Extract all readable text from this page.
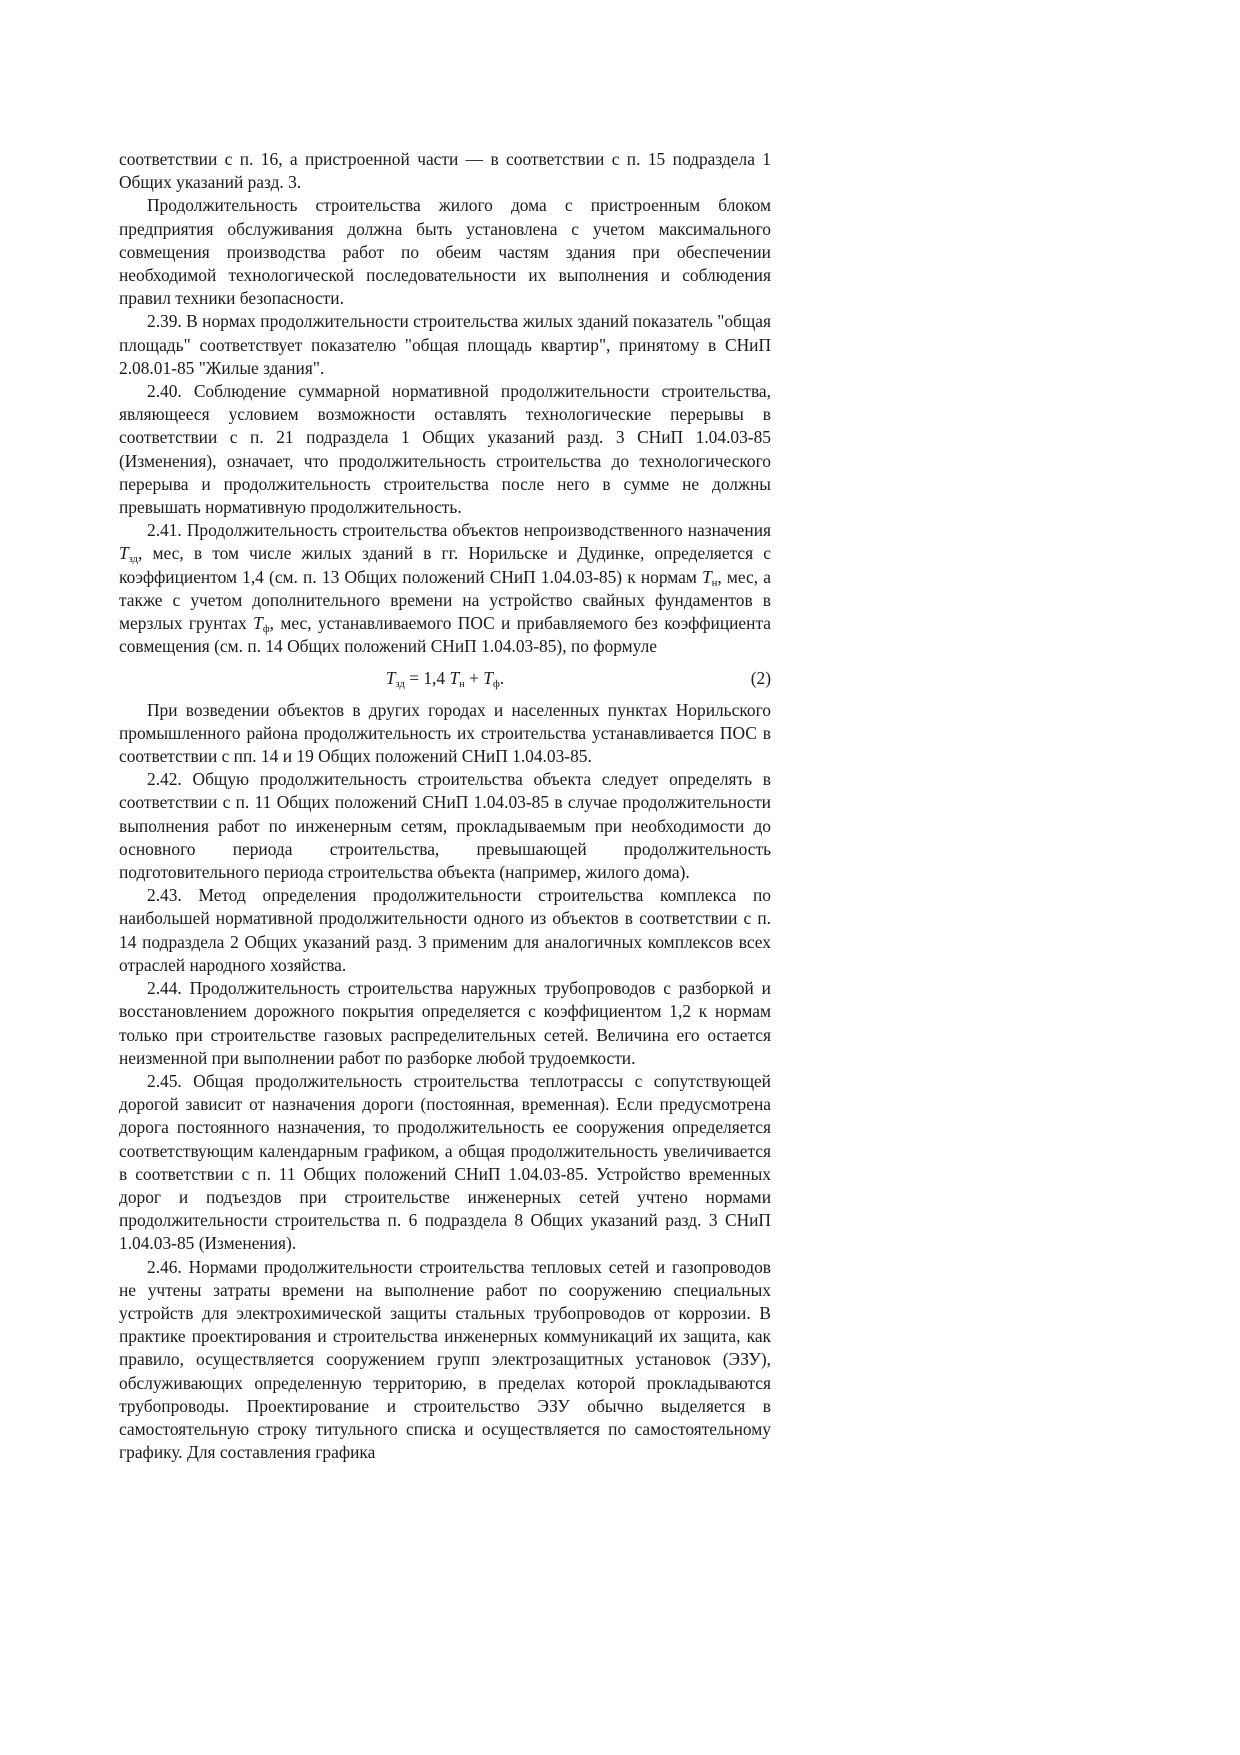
соответствии с п. 16, а пристроенной части — в соответствии с п. 15 подраздела 1 Общих указаний разд. 3.

Продолжительность строительства жилого дома с пристроенным блоком предприятия обслуживания должна быть установлена с учетом максимального совмещения производства работ по обеим частям здания при обеспечении необходимой технологической последовательности их выполнения и соблюдения правил техники безопасности.

2.39. В нормах продолжительности строительства жилых зданий показатель "общая площадь" соответствует показателю "общая площадь квартир", принятому в СНиП 2.08.01-85 "Жилые здания".

2.40. Соблюдение суммарной нормативной продолжительности строительства, являющееся условием возможности оставлять технологические перерывы в соответствии с п. 21 подраздела 1 Общих указаний разд. 3 СНиП 1.04.03-85 (Изменения), означает, что продолжительность строительства до технологического перерыва и продолжительность строительства после него в сумме не должны превышать нормативную продолжительность.

2.41. Продолжительность строительства объектов непроизводственного назначения $T_{зд}$, мес, в том числе жилых зданий в гг. Норильске и Дудинке, определяется с коэффициентом 1,4 (см. п. 13 Общих положений СНиП 1.04.03-85) к нормам $T_н$, мес, а также с учетом дополнительного времени на устройство свайных фундаментов в мерзлых грунтах $T_ф$, мес, устанавливаемого ПОС и прибавляемого без коэффициента совмещения (см. п. 14 Общих положений СНиП 1.04.03-85), по формуле

$T_{зд} = 1,4$ $T_н + T_ф$.	(2)

При возведении объектов в других городах и населенных пунктах Норильского промышленного района продолжительность их строительства устанавливается ПОС в соответствии с пп. 14 и 19 Общих положений СНиП 1.04.03-85.

2.42. Общую продолжительность строительства объекта следует определять в соответствии с п. 11 Общих положений СНиП 1.04.03-85 в случае продолжительности выполнения работ по инженерным сетям, прокладываемым при необходимости до основного периода строительства, превышающей продолжительность подготовительного периода строительства объекта (например, жилого дома).

2.43. Метод определения продолжительности строительства комплекса по наибольшей нормативной продолжительности одного из объектов в соответствии с п. 14 подраздела 2 Общих указаний разд. 3 применим для аналогичных комплексов всех отраслей народного хозяйства.

2.44. Продолжительность строительства наружных трубопроводов с разборкой и восстановлением дорожного покрытия определяется с коэффициентом 1,2 к нормам только при строительстве газовых распределительных сетей. Величина его остается неизменной при выполнении работ по разборке любой трудоемкости.

2.45. Общая продолжительность строительства теплотрассы с сопутствующей дорогой зависит от назначения дороги (постоянная, временная). Если предусмотрена дорога постоянного назначения, то продолжительность ее сооружения определяется соответствующим календарным графиком, а общая продолжительность увеличивается в соответствии с п. 11 Общих положений СНиП 1.04.03-85. Устройство временных дорог и подъездов при строительстве инженерных сетей учтено нормами продолжительности строительства п. 6 подраздела 8 Общих указаний разд. 3 СНиП 1.04.03-85 (Изменения).

2.46. Нормами продолжительности строительства тепловых сетей и газопроводов не учтены затраты времени на выполнение работ по сооружению специальных устройств для электрохимической защиты стальных трубопроводов от коррозии. В практике проектирования и строительства инженерных коммуникаций их защита, как правило, осуществляется сооружением групп электрозащитных установок (ЭЗУ), обслуживающих определенную территорию, в пределах которой прокладываются трубопроводы. Проектирование и строительство ЭЗУ обычно выделяется в самостоятельную строку титульного списка и осуществляется по самостоятельному графику. Для составления графика
